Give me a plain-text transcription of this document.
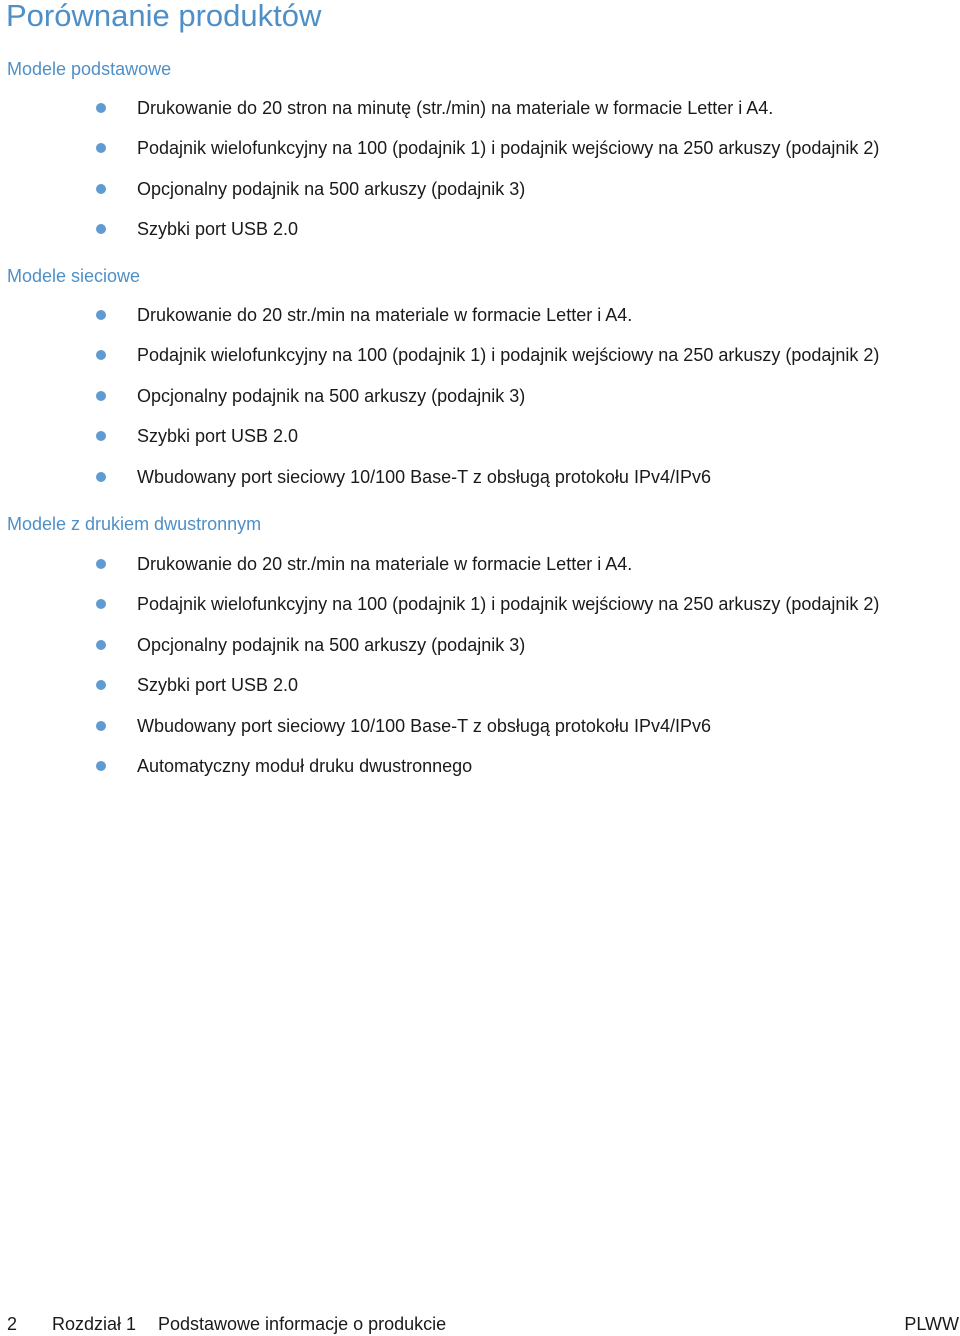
Porównanie produktów
Modele podstawowe
Drukowanie do 20 stron na minutę (str./min) na materiale w formacie Letter i A4.
Podajnik wielofunkcyjny na 100 (podajnik 1) i podajnik wejściowy na 250 arkuszy (podajnik 2)
Opcjonalny podajnik na 500 arkuszy (podajnik 3)
Szybki port USB 2.0
Modele sieciowe
Drukowanie do 20 str./min na materiale w formacie Letter i A4.
Podajnik wielofunkcyjny na 100 (podajnik 1) i podajnik wejściowy na 250 arkuszy (podajnik 2)
Opcjonalny podajnik na 500 arkuszy (podajnik 3)
Szybki port USB 2.0
Wbudowany port sieciowy 10/100 Base-T z obsługą protokołu IPv4/IPv6
Modele z drukiem dwustronnym
Drukowanie do 20 str./min na materiale w formacie Letter i A4.
Podajnik wielofunkcyjny na 100 (podajnik 1) i podajnik wejściowy na 250 arkuszy (podajnik 2)
Opcjonalny podajnik na 500 arkuszy (podajnik 3)
Szybki port USB 2.0
Wbudowany port sieciowy 10/100 Base-T z obsługą protokołu IPv4/IPv6
Automatyczny moduł druku dwustronnego
2 Rozdział 1 Podstawowe informacje o produkcie	PLWW
